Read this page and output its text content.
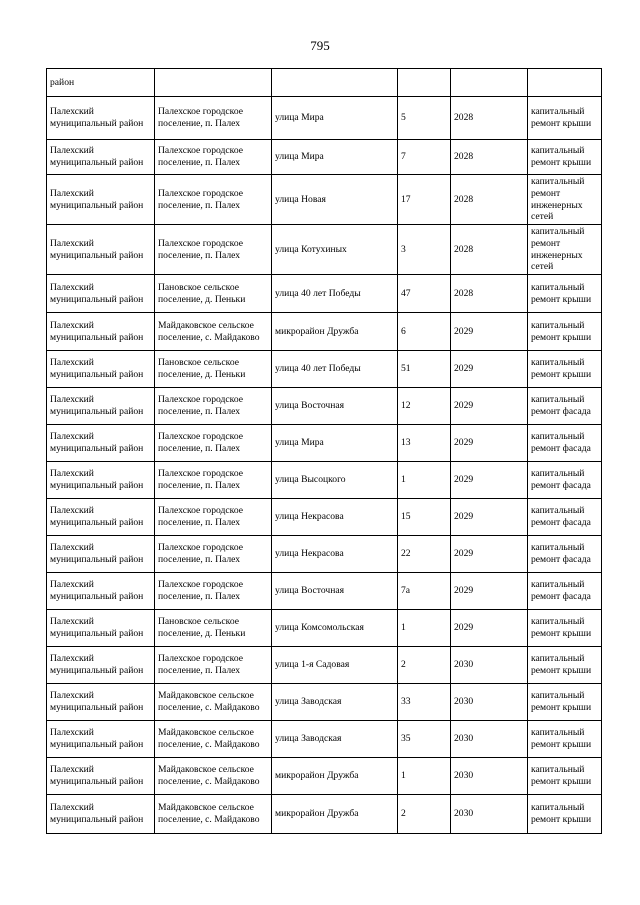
795
район					
Палехский муниципальный район	Палехское городское поселение, п. Палех	улица Мира	5	2028	капитальный ремонт крыши
Палехский муниципальный район	Палехское городское поселение, п. Палех	улица Мира	7	2028	капитальный ремонт крыши
Палехский муниципальный район	Палехское городское поселение, п. Палех	улица Новая	17	2028	капитальный ремонт инженерных сетей
Палехский муниципальный район	Палехское городское поселение, п. Палех	улица Котухиных	3	2028	капитальный ремонт инженерных сетей
Палехский муниципальный район	Пановское сельское поселение, д. Пеньки	улица 40 лет Победы	47	2028	капитальный ремонт крыши
Палехский муниципальный район	Майдаковское сельское поселение, с. Майдаково	микрорайон Дружба	6	2029	капитальный ремонт крыши
Палехский муниципальный район	Пановское сельское поселение, д. Пеньки	улица 40 лет Победы	51	2029	капитальный ремонт крыши
Палехский муниципальный район	Палехское городское поселение, п. Палех	улица Восточная	12	2029	капитальный ремонт фасада
Палехский муниципальный район	Палехское городское поселение, п. Палех	улица Мира	13	2029	капитальный ремонт фасада
Палехский муниципальный район	Палехское городское поселение, п. Палех	улица Высоцкого	1	2029	капитальный ремонт фасада
Палехский муниципальный район	Палехское городское поселение, п. Палех	улица Некрасова	15	2029	капитальный ремонт фасада
Палехский муниципальный район	Палехское городское поселение, п. Палех	улица Некрасова	22	2029	капитальный ремонт фасада
Палехский муниципальный район	Палехское городское поселение, п. Палех	улица Восточная	7а	2029	капитальный ремонт фасада
Палехский муниципальный район	Пановское сельское поселение, д. Пеньки	улица Комсомольская	1	2029	капитальный ремонт крыши
Палехский муниципальный район	Палехское городское поселение, п. Палех	улица 1-я Садовая	2	2030	капитальный ремонт крыши
Палехский муниципальный район	Майдаковское сельское поселение, с. Майдаково	улица Заводская	33	2030	капитальный ремонт крыши
Палехский муниципальный район	Майдаковское сельское поселение, с. Майдаково	улица Заводская	35	2030	капитальный ремонт крыши
Палехский муниципальный район	Майдаковское сельское поселение, с. Майдаково	микрорайон Дружба	1	2030	капитальный ремонт крыши
Палехский муниципальный район	Майдаковское сельское поселение, с. Майдаково	микрорайон Дружба	2	2030	капитальный ремонт крыши
